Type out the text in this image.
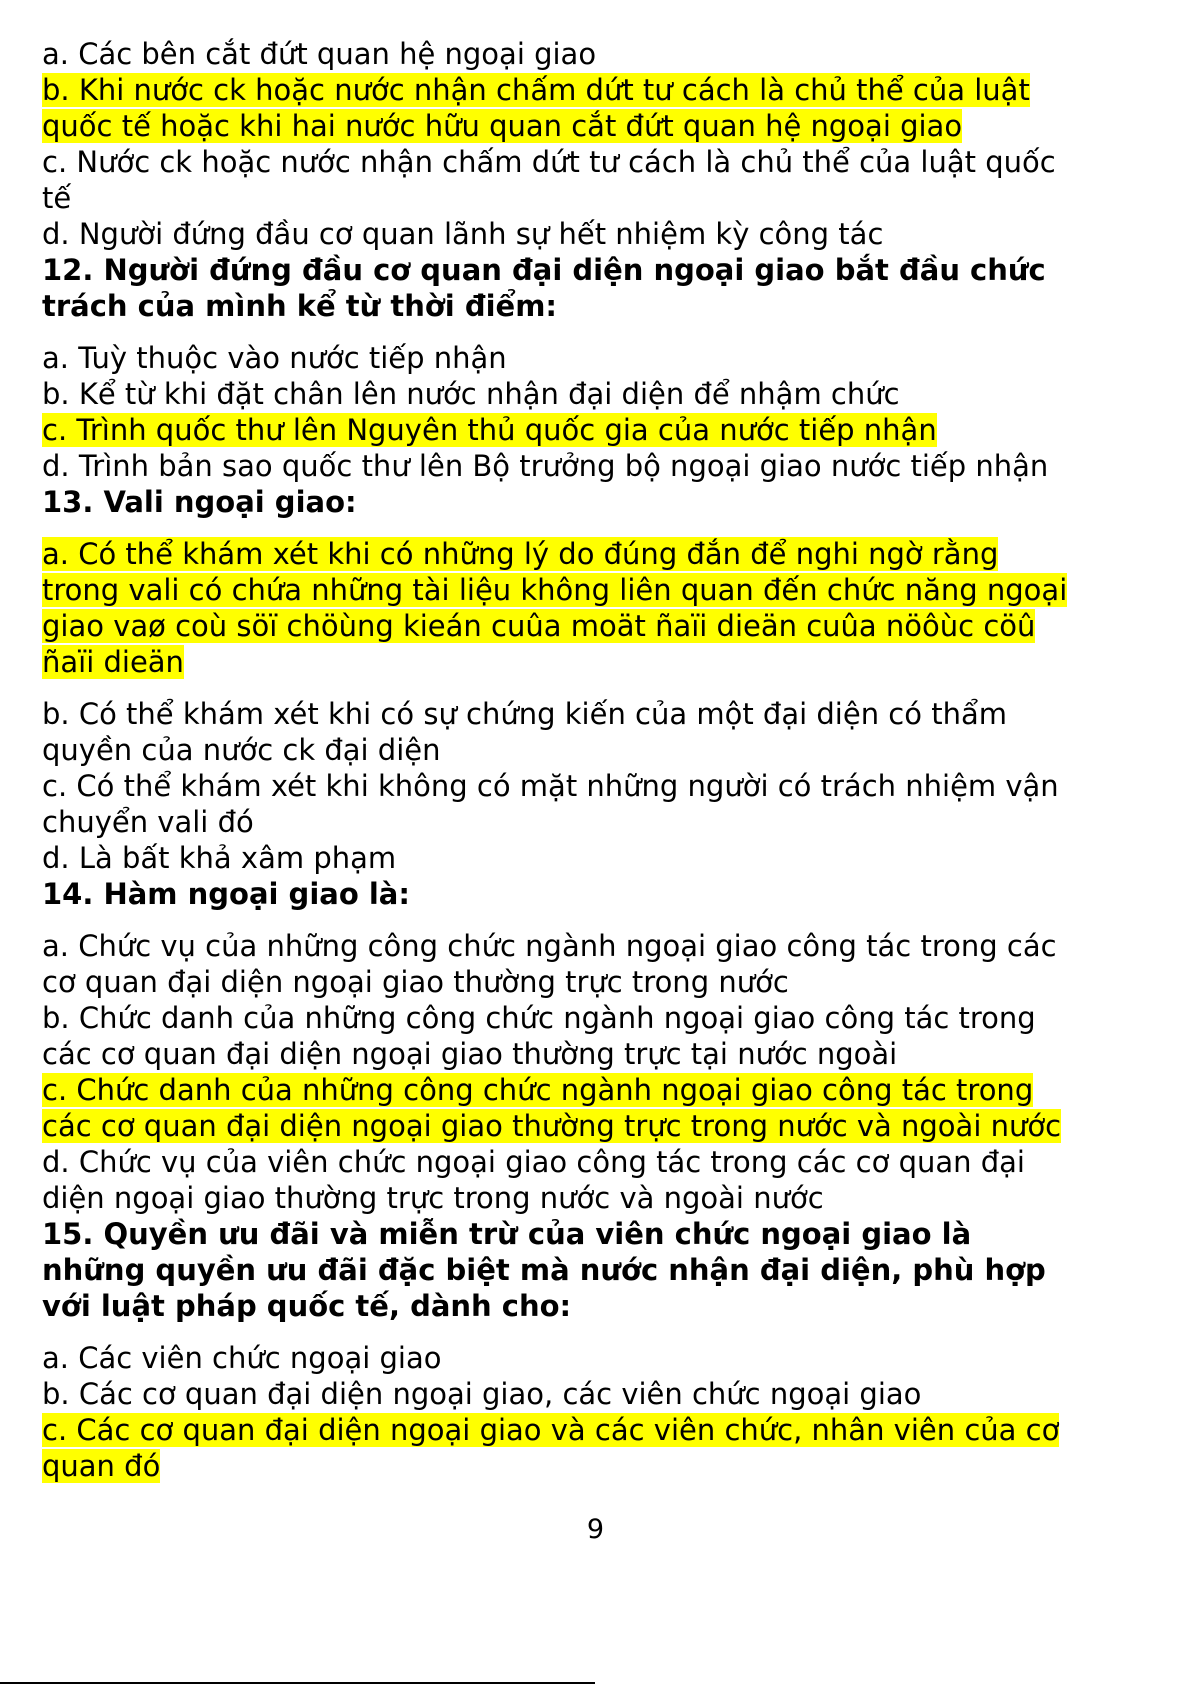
a. Các bên cắt đứt quan hệ ngoại giao
b. Khi nước ck hoặc nước nhận chấm dứt tư cách là chủ thể của luật
quốc tế hoặc khi hai nước hữu quan cắt đứt quan hệ ngoại giao
c. Nước ck hoặc nước nhận chấm dứt tư cách là chủ thể của luật quốc
tế
d. Người đứng đầu cơ quan lãnh sự hết nhiệm kỳ công tác
12. Người đứng đầu cơ quan đại diện ngoại giao bắt đầu chức
trách của mình kể từ thời điểm:
a. Tuỳ thuộc vào nước tiếp nhận
b. Kể từ khi đặt chân lên nước nhận đại diện để nhậm chức
c. Trình quốc thư lên Nguyên thủ quốc gia của nước tiếp nhận
d. Trình bản sao quốc thư lên Bộ trưởng bộ ngoại giao nước tiếp nhận
13. Vali ngoại giao:
a. Có thể khám xét khi có những lý do đúng đắn để nghi ngờ rằng
trong vali có chứa những tài liệu không liên quan đến chức năng ngoại
giao vaø coù söï chöùng kieán cuûa moät ñaïi dieän cuûa nöôùc cöû
ñaïi dieän
b. Có thể khám xét khi có sự chứng kiến của một đại diện có thẩm
quyền của nước ck đại diện
c. Có thể khám xét khi không có mặt những người có trách nhiệm vận
chuyển vali đó
d. Là bất khả xâm phạm
14. Hàm ngoại giao là:
a. Chức vụ của những công chức ngành ngoại giao công tác trong các
cơ quan đại diện ngoại giao thường trực trong nước
b. Chức danh của những công chức ngành ngoại giao công tác trong
các cơ quan đại diện ngoại giao thường trực tại nước ngoài
c. Chức danh của những công chức ngành ngoại giao công tác trong
các cơ quan đại diện ngoại giao thường trực trong nước và ngoài nước
d. Chức vụ của viên chức ngoại giao công tác trong các cơ quan đại
diện ngoại giao thường trực trong nước và ngoài nước
15. Quyền ưu đãi và miễn trừ của viên chức ngoại giao là
những quyền ưu đãi đặc biệt mà nước nhận đại diện, phù hợp
với luật pháp quốc tế, dành cho:
a. Các viên chức ngoại giao
b. Các cơ quan đại diện ngoại giao, các viên chức ngoại giao
c. Các cơ quan đại diện ngoại giao và các viên chức, nhân viên của cơ
quan đó
9
